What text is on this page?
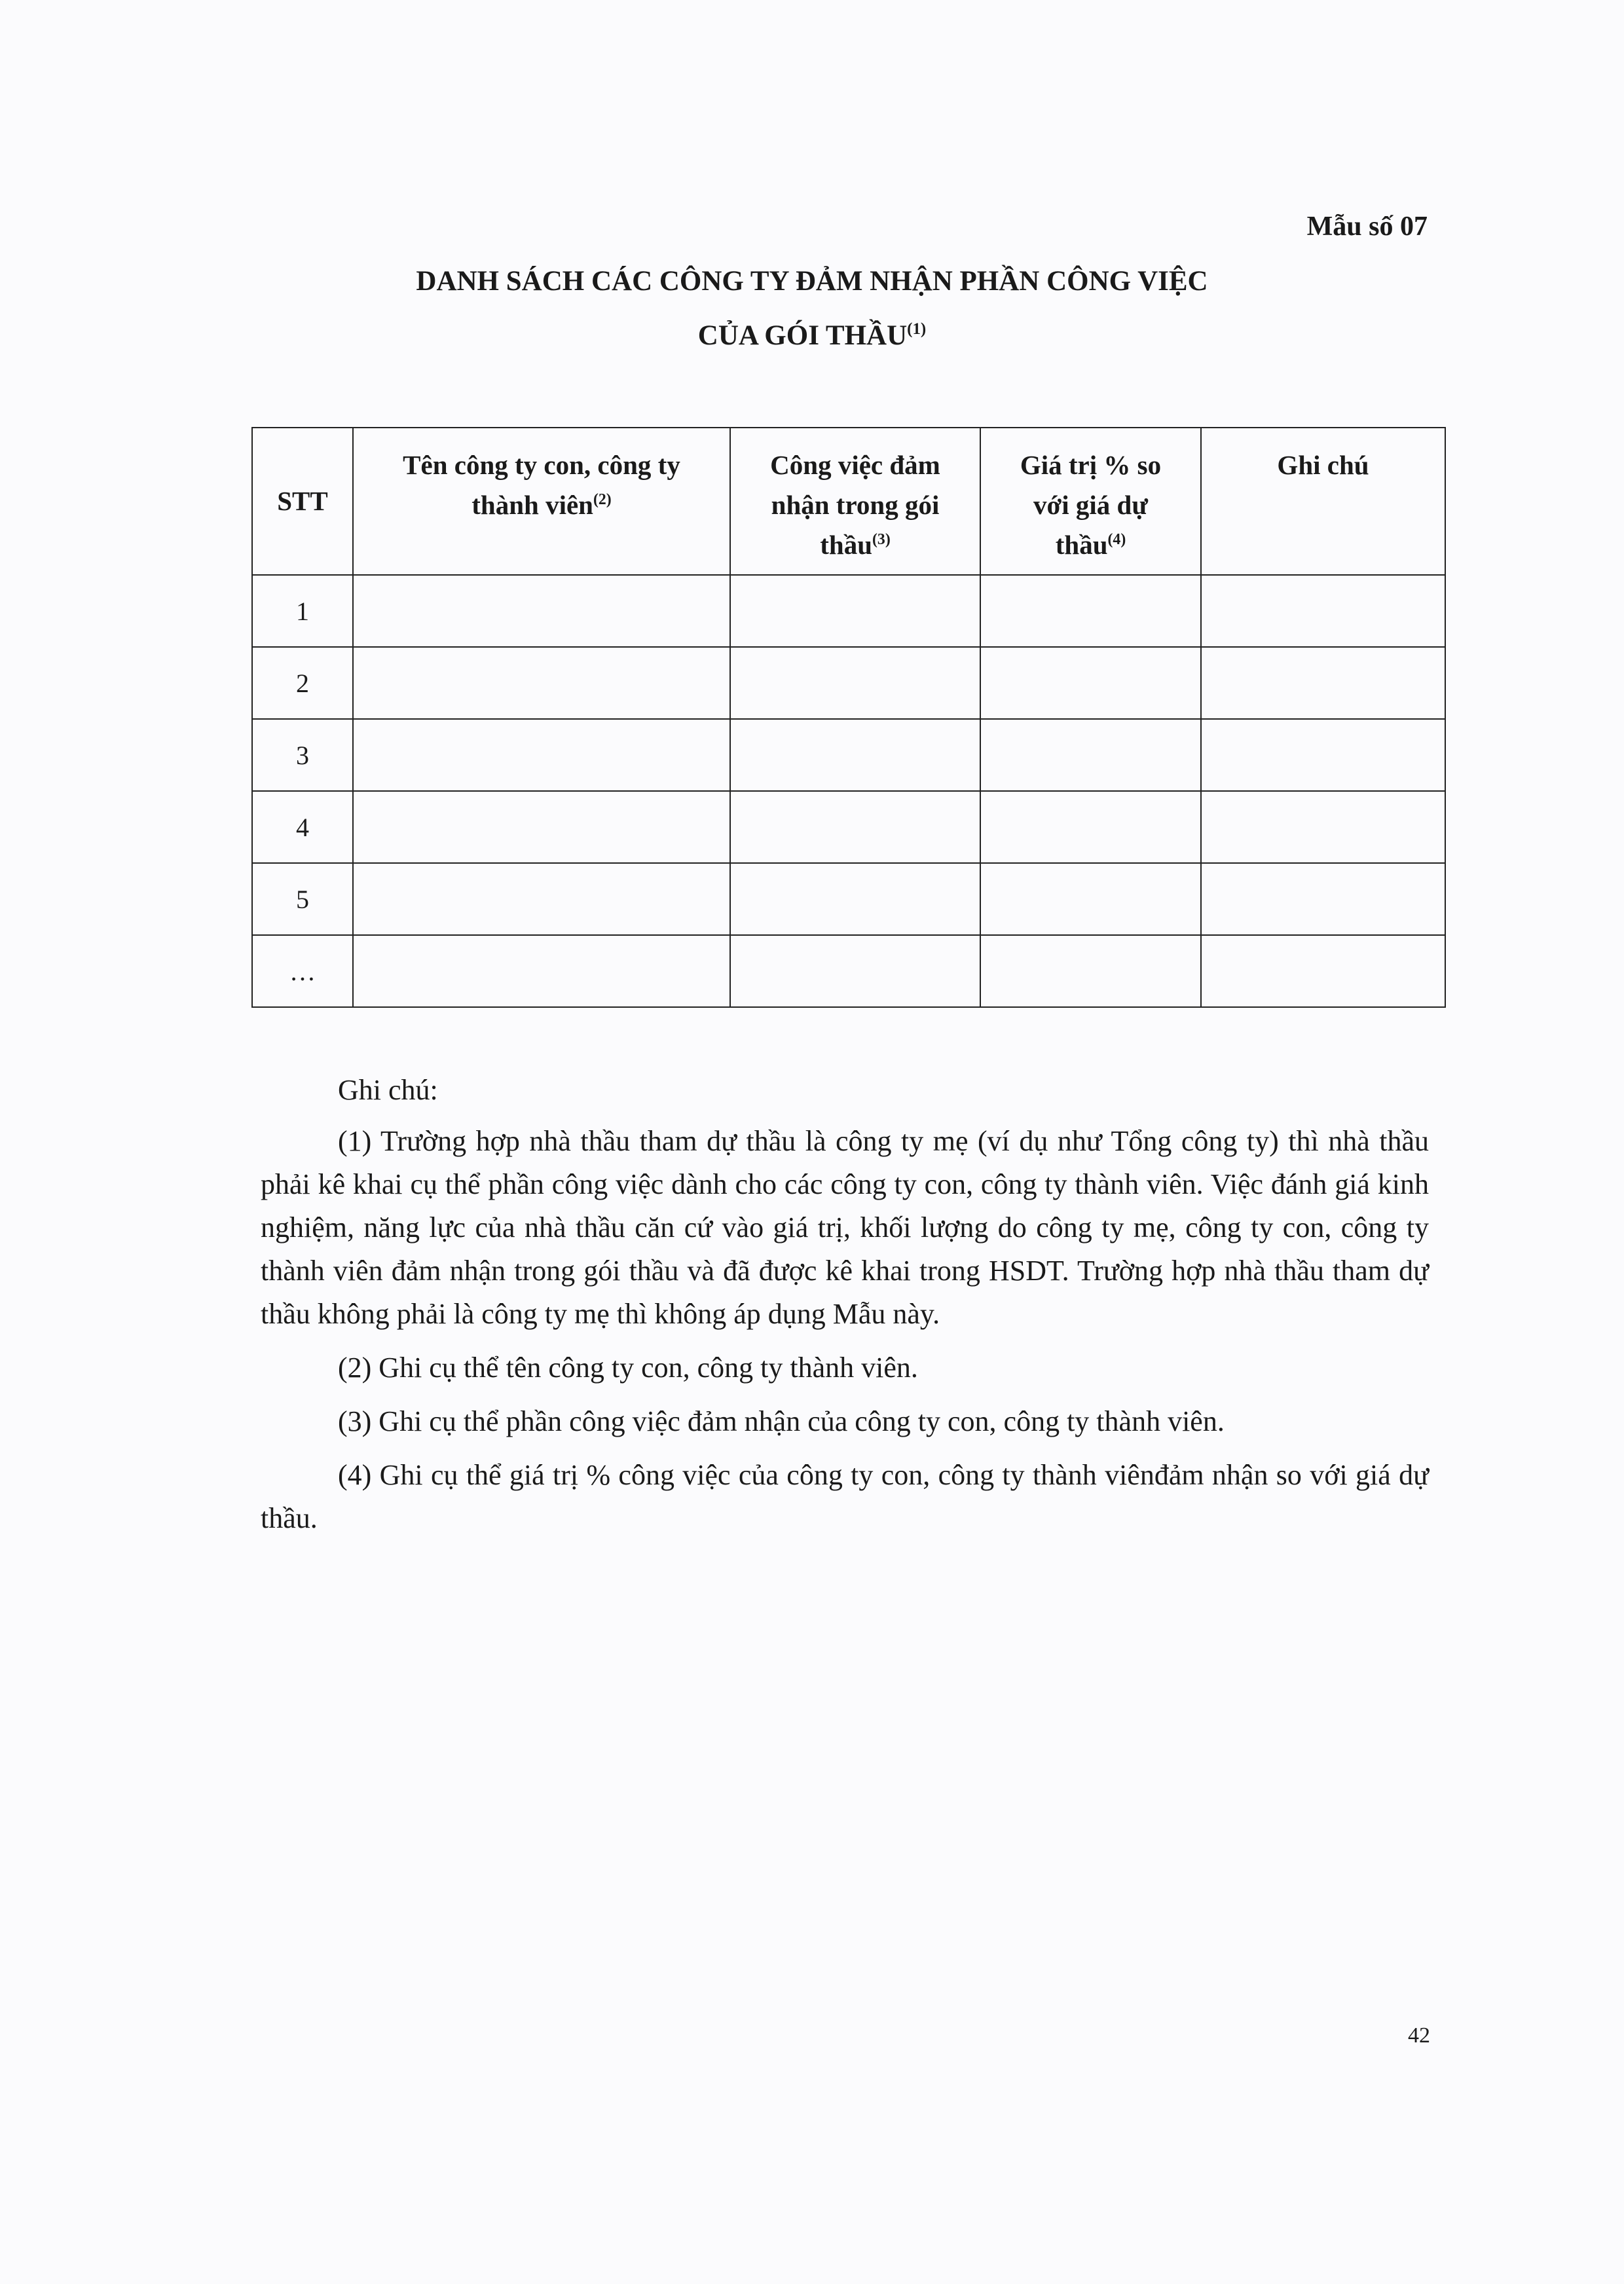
Mẫu số 07
DANH SÁCH CÁC CÔNG TY ĐẢM NHẬN PHẦN CÔNG VIỆC
CỦA GÓI THẦU$^{(1)}$
STT	Tên công ty con, công ty thành viên$^{(2)}$	Công việc đảm nhận trong gói thầu$^{(3)}$	Giá trị % so với giá dự thầu$^{(4)}$	Ghi chú
1				
2				
3				
4				
5				
…				

Ghi chú:

(1) Trường hợp nhà thầu tham dự thầu là công ty mẹ (ví dụ như Tổng công ty) thì nhà thầu phải kê khai cụ thể phần công việc dành cho các công ty con, công ty thành viên. Việc đánh giá kinh nghiệm, năng lực của nhà thầu căn cứ vào giá trị, khối lượng do công ty mẹ, công ty con, công ty thành viên đảm nhận trong gói thầu và đã được kê khai trong HSDT. Trường hợp nhà thầu tham dự thầu không phải là công ty mẹ thì không áp dụng Mẫu này.

(2) Ghi cụ thể tên công ty con, công ty thành viên.

(3) Ghi cụ thể phần công việc đảm nhận của công ty con, công ty thành viên.

(4) Ghi cụ thể giá trị % công việc của công ty con, công ty thành viênđảm nhận so với giá dự thầu.

42
